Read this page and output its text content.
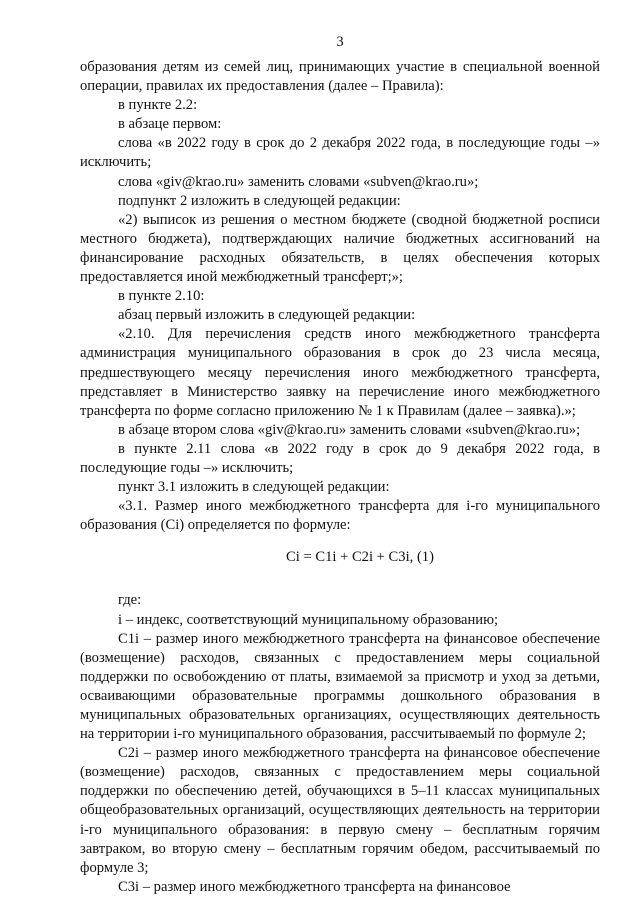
3

образования детям из семей лиц, принимающих участие в специальной военной операции, правилах их предоставления (далее – Правила):

в пункте 2.2:

в абзаце первом:

слова «в 2022 году в срок до 2 декабря 2022 года, в последующие годы –» исключить;

слова «giv@krao.ru» заменить словами «subven@krao.ru»;

подпункт 2 изложить в следующей редакции:

«2) выписок из решения о местном бюджете (сводной бюджетной росписи местного бюджета), подтверждающих наличие бюджетных ассигнований на финансирование расходных обязательств, в целях обеспечения которых предоставляется иной межбюджетный трансферт;»;

в пункте 2.10:

абзац первый изложить в следующей редакции:

«2.10. Для перечисления средств иного межбюджетного трансферта администрация муниципального образования в срок до 23 числа месяца, предшествующего месяцу перечисления иного межбюджетного трансферта, представляет в Министерство заявку на перечисление иного межбюджетного трансферта по форме согласно приложению № 1 к Правилам (далее – заявка).»;

в абзаце втором слова «giv@krao.ru» заменить словами «subven@krao.ru»;

в пункте 2.11 слова «в 2022 году в срок до 9 декабря 2022 года, в последующие годы –» исключить;

пункт 3.1 изложить в следующей редакции:

«3.1. Размер иного межбюджетного трансферта для i-го муниципального образования (Ci) определяется по формуле:

Ci = C1i + C2i + C3i, (1)

где:

i – индекс, соответствующий муниципальному образованию;

C1i – размер иного межбюджетного трансферта на финансовое обеспечение (возмещение) расходов, связанных с предоставлением меры социальной поддержки по освобождению от платы, взимаемой за присмотр и уход за детьми, осваивающими образовательные программы дошкольного образования в муниципальных образовательных организациях, осуществляющих деятельность на территории i-го муниципального образования, рассчитываемый по формуле 2;

C2i – размер иного межбюджетного трансферта на финансовое обеспечение (возмещение) расходов, связанных с предоставлением меры социальной поддержки по обеспечению детей, обучающихся в 5–11 классах муниципальных общеобразовательных организаций, осуществляющих деятельность на территории i-го муниципального образования: в первую смену – бесплатным горячим завтраком, во вторую смену – бесплатным горячим обедом, рассчитываемый по формуле 3;

C3i – размер иного межбюджетного трансферта на финансовое
